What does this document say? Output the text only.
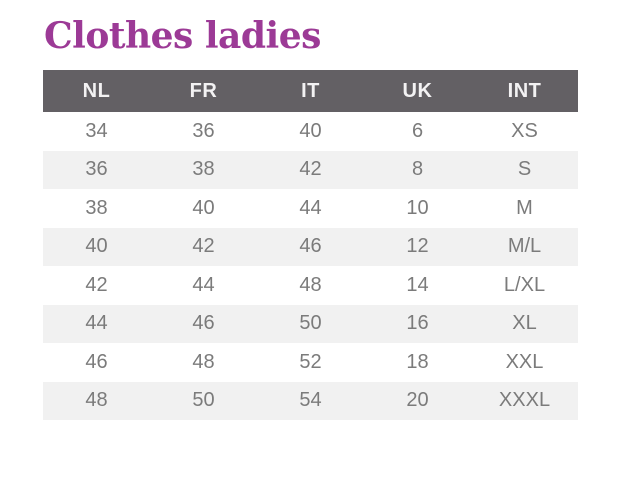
Clothes ladies
NL	FR	IT	UK	INT
34	36	40	6	XS
36	38	42	8	S
38	40	44	10	M
40	42	46	12	M/L
42	44	48	14	L/XL
44	46	50	16	XL
46	48	52	18	XXL
48	50	54	20	XXXL
